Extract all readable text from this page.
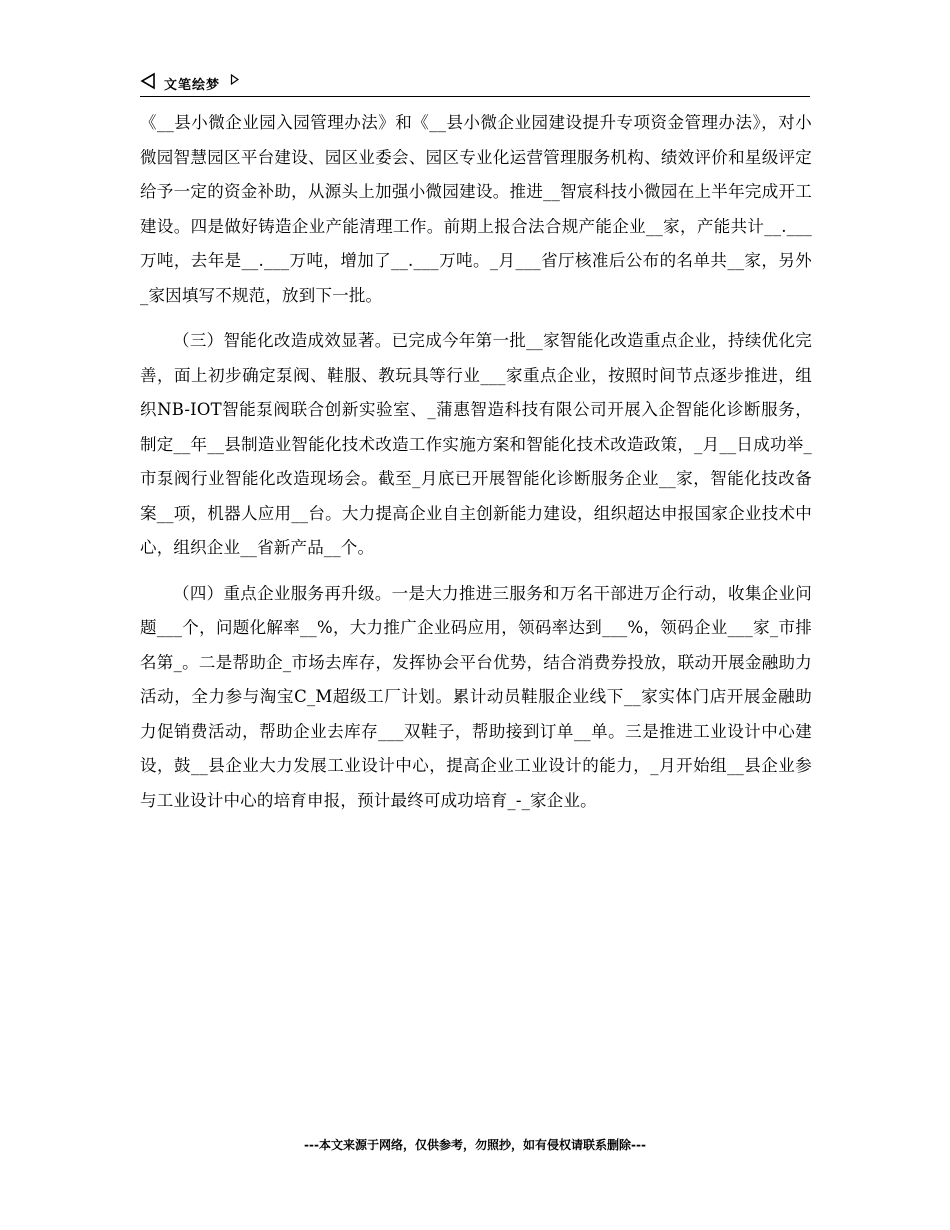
文笔绘梦

《__县小微企业园入园管理办法》和《__县小微企业园建设提升专项资金管理办法》，对小微园智慧园区平台建设、园区业委会、园区专业化运营管理服务机构、绩效评价和星级评定给予一定的资金补助，从源头上加强小微园建设。推进__智宸科技小微园在上半年完成开工建设。四是做好铸造企业产能清理工作。前期上报合法合规产能企业__家，产能共计__.___万吨，去年是__.___万吨，增加了__.___万吨。_月___省厅核准后公布的名单共__家，另外_家因填写不规范，放到下一批。

（三）智能化改造成效显著。已完成今年第一批__家智能化改造重点企业，持续优化完善，面上初步确定泵阀、鞋服、教玩具等行业___家重点企业，按照时间节点逐步推进，组织NB-IOT智能泵阀联合创新实验室、_蒲惠智造科技有限公司开展入企智能化诊断服务，制定__年__县制造业智能化技术改造工作实施方案和智能化技术改造政策，_月__日成功举_市泵阀行业智能化改造现场会。截至_月底已开展智能化诊断服务企业__家，智能化技改备案__项，机器人应用__台。大力提高企业自主创新能力建设，组织超达申报国家企业技术中心，组织企业__省新产品__个。

（四）重点企业服务再升级。一是大力推进三服务和万名干部进万企行动，收集企业问题___个，问题化解率__%，大力推广企业码应用，领码率达到___%，领码企业___家_市排名第_。二是帮助企_市场去库存，发挥协会平台优势，结合消费券投放，联动开展金融助力活动，全力参与淘宝C_M超级工厂计划。累计动员鞋服企业线下__家实体门店开展金融助力促销费活动，帮助企业去库存___双鞋子，帮助接到订单__单。三是推进工业设计中心建设，鼓__县企业大力发展工业设计中心，提高企业工业设计的能力，_月开始组__县企业参与工业设计中心的培育申报，预计最终可成功培育_-_家企业。

---本文来源于网络，仅供参考，勿照抄，如有侵权请联系删除---
